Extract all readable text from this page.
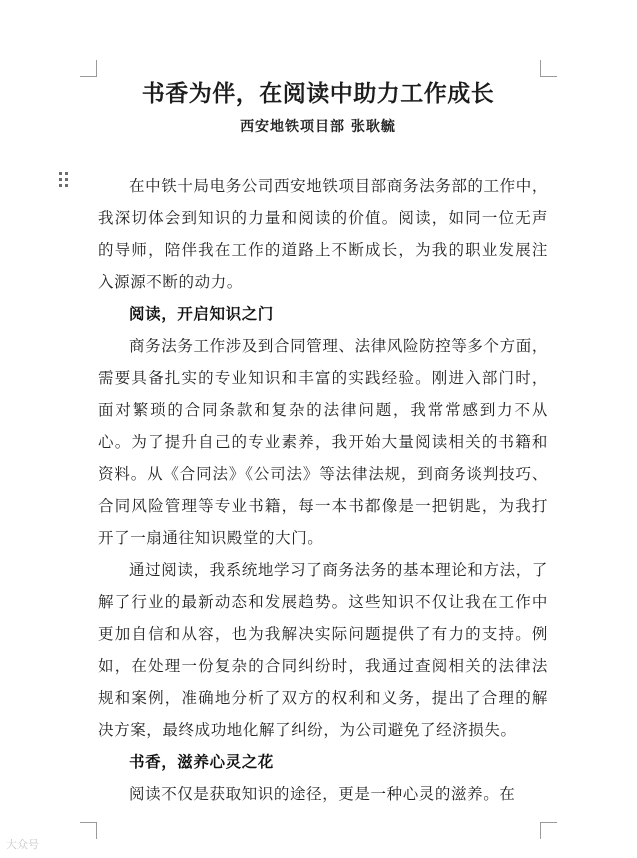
书香为伴，在阅读中助力工作成长
西安地铁项目部 张耿毓

在中铁十局电务公司西安地铁项目部商务法务部的工作中，我深切体会到知识的力量和阅读的价值。阅读，如同一位无声的导师，陪伴我在工作的道路上不断成长，为我的职业发展注入源源不断的动力。

阅读，开启知识之门

商务法务工作涉及到合同管理、法律风险防控等多个方面，需要具备扎实的专业知识和丰富的实践经验。刚进入部门时，面对繁琐的合同条款和复杂的法律问题，我常常感到力不从心。为了提升自己的专业素养，我开始大量阅读相关的书籍和资料。从《合同法》《公司法》等法律法规，到商务谈判技巧、合同风险管理等专业书籍，每一本书都像是一把钥匙，为我打开了一扇通往知识殿堂的大门。

通过阅读，我系统地学习了商务法务的基本理论和方法，了解了行业的最新动态和发展趋势。这些知识不仅让我在工作中更加自信和从容，也为我解决实际问题提供了有力的支持。例如，在处理一份复杂的合同纠纷时，我通过查阅相关的法律法规和案例，准确地分析了双方的权利和义务，提出了合理的解决方案，最终成功地化解了纠纷，为公司避免了经济损失。

书香，滋养心灵之花

阅读不仅是获取知识的途径，更是一种心灵的滋养。在

大众号
